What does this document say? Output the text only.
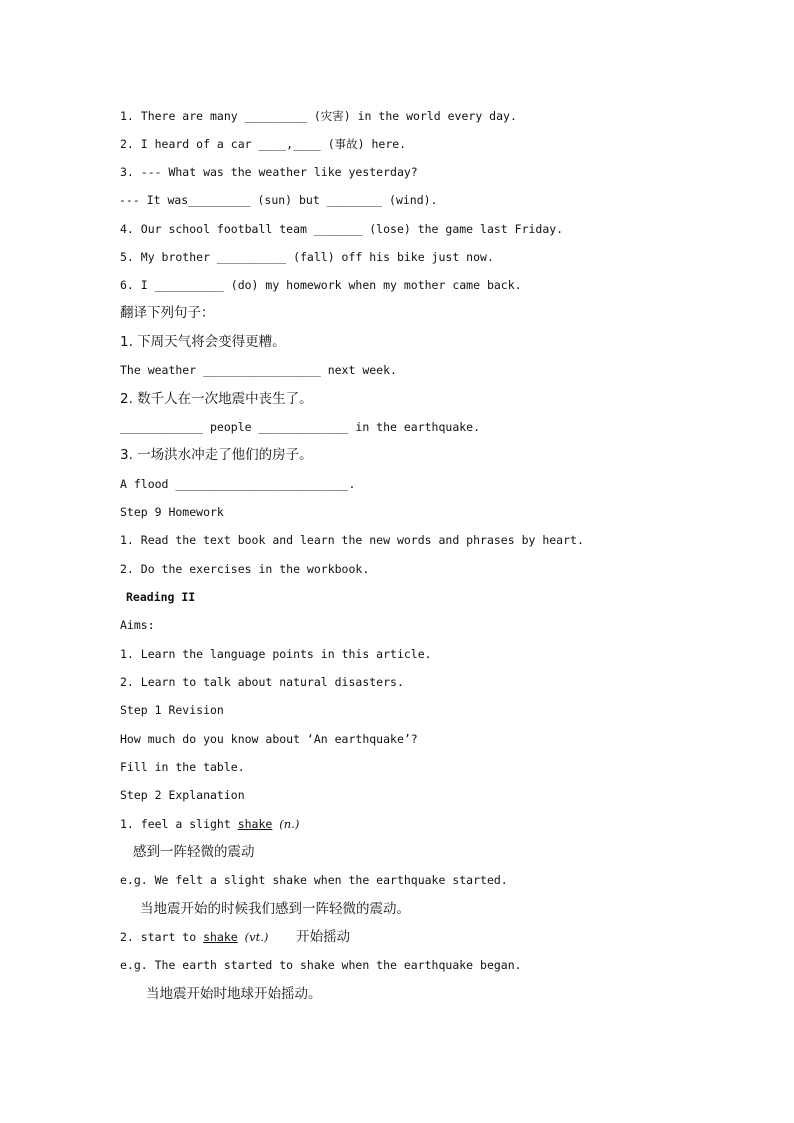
1. There are many _________ (灾害) in the world every day.
2. I heard of a car ____,____ (事故) here.
3. --- What was the weather like yesterday?
--- It was_________ (sun) but ________ (wind).
4. Our school football team _______ (lose) the game last Friday.
5. My brother __________ (fall) off his bike just now.
6. I __________ (do) my homework when my mother came back.
翻译下列句子：
1. 下周天气将会变得更糟。
The weather _________________ next week.
2. 数千人在一次地震中丧生了。
____________ people _____________ in the earthquake.
3. 一场洪水冲走了他们的房子。
A flood _________________________.
Step 9 Homework
1. Read the text book and learn the new words and phrases by heart.
2. Do the exercises in the workbook.
Reading II
Aims:
1. Learn the language points in this article.
2. Learn to talk about natural disasters.
Step 1 Revision
How much do you know about ‘An earthquake’?
Fill in the table.
Step 2 Explanation
1. feel a slight shake (n.)
感到一阵轻微的震动
e.g. We felt a slight shake when the earthquake started.
当地震开始的时候我们感到一阵轻微的震动。
2. start to shake (vt.) 开始摇动
e.g. The earth started to shake when the earthquake began.
当地震开始时地球开始摇动。
